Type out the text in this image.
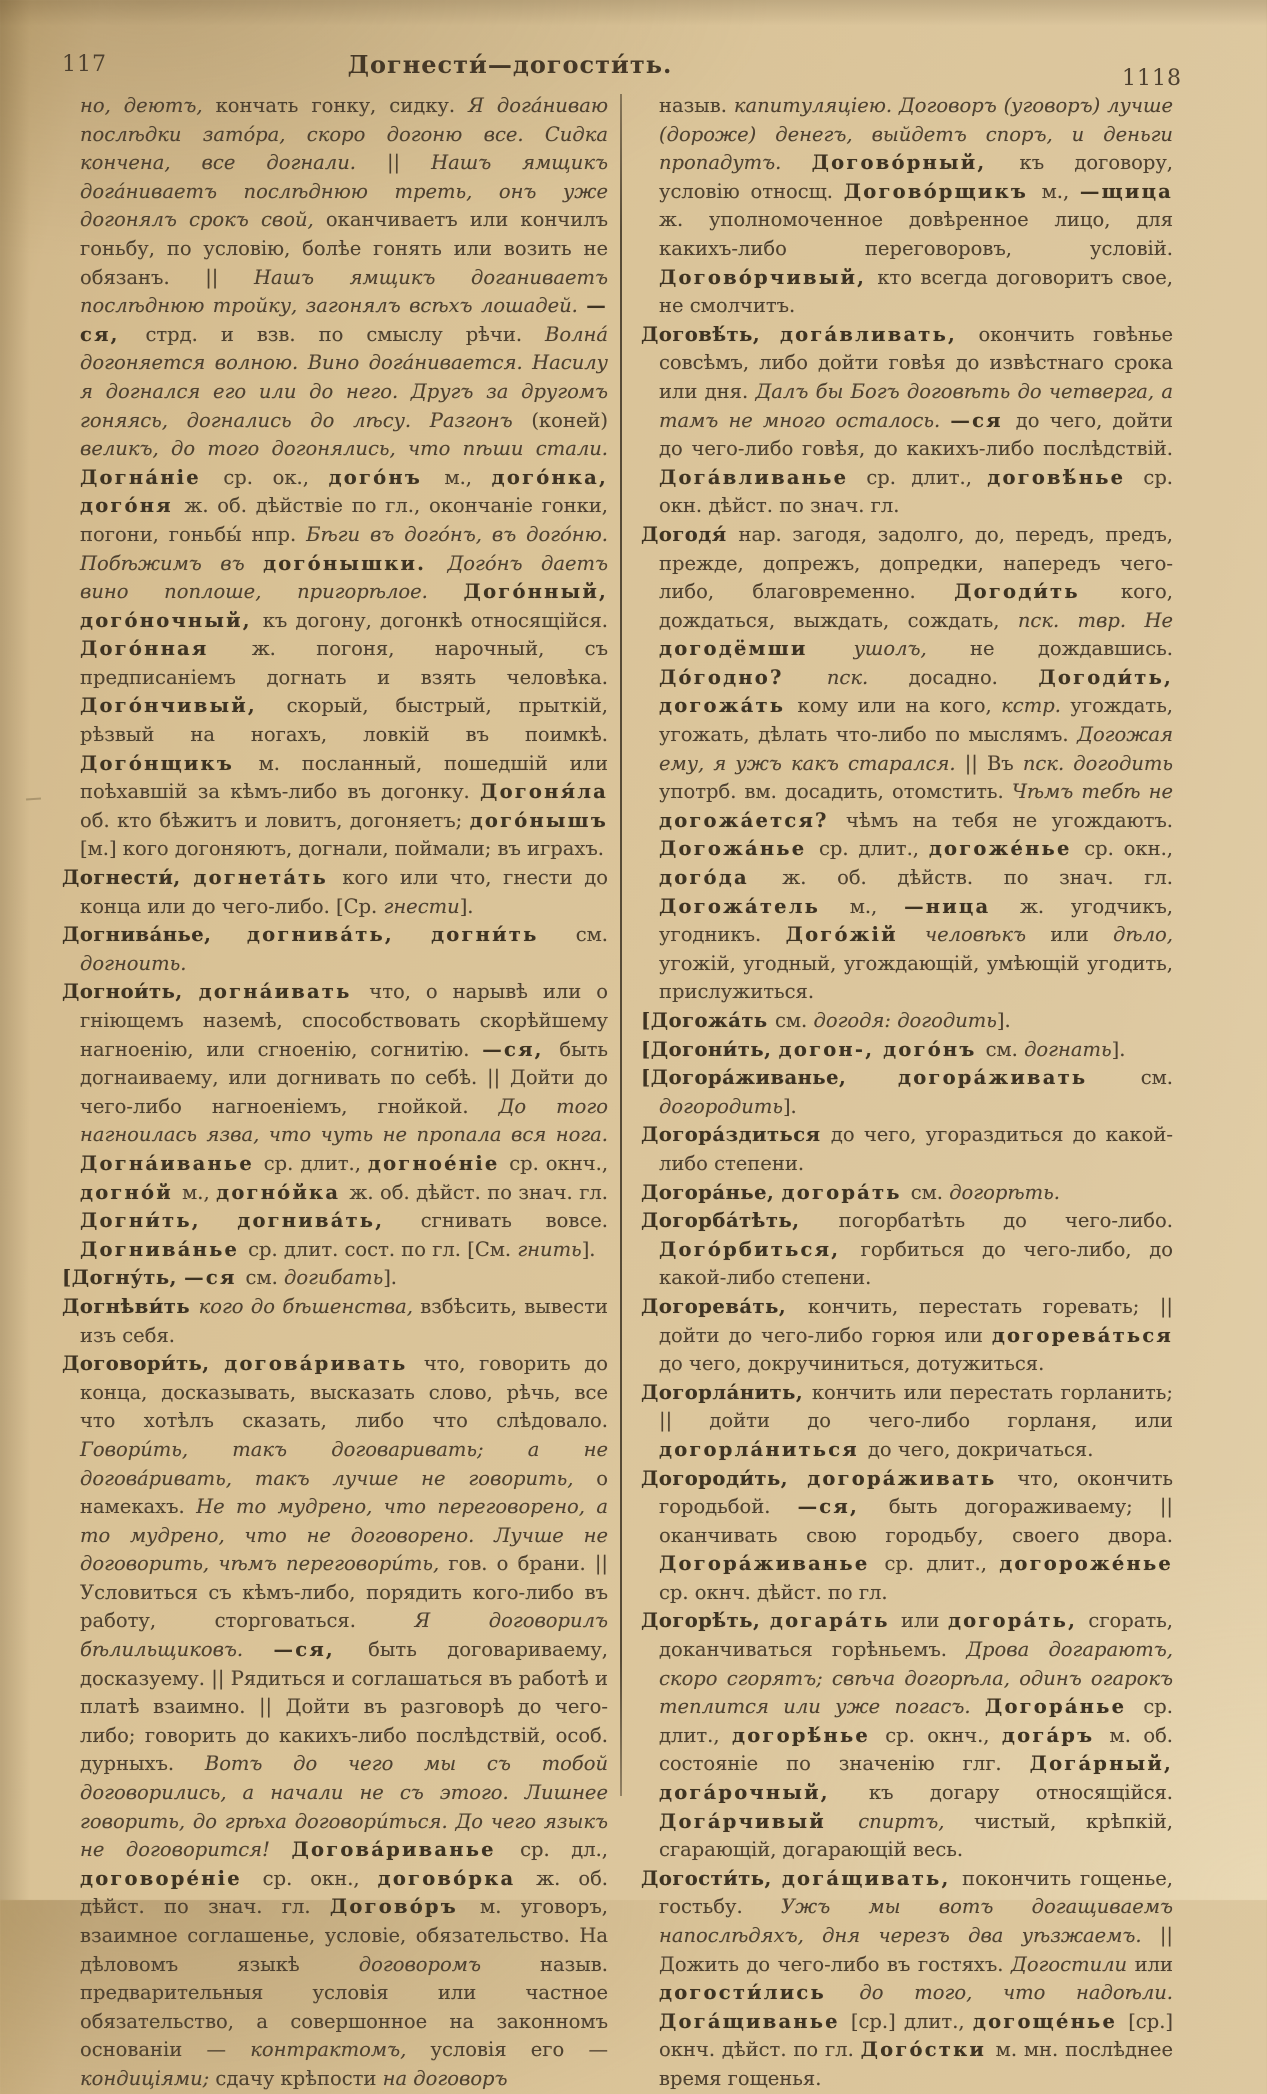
117	Догнести́—догости́ть.	1118

но, деютъ, кончать гонку, сидку. Я дога́ниваю послѣдки зато́ра, скоро догоню все. Сидка кончена, все догнали. || Нашъ ямщикъ дога́ниваетъ послѣднюю треть, онъ уже догонялъ срокъ свой, оканчиваетъ или кончилъ гоньбу, по условію, болѣе гонять или возить не обязанъ. || Нашъ ямщикъ доганиваетъ послѣднюю тройку, загонялъ всѣхъ лошадей. —ся, стрд. и взв. по смыслу рѣчи. Волна́ догоняется волною. Вино дога́нивается. Насилу я догнался его или до него. Другъ за другомъ гоняясь, догнались до лѣсу. Разгонъ (коней) великъ, до того догонялись, что пѣши стали. Догна́ніе ср. ок., дого́нъ м., дого́нка, дого́ня ж. об. дѣйствіе по гл., окончаніе гонки, погони, гоньбы́ нпр. Бѣги въ дого́нъ, въ дого́ню. Побѣжимъ въ дого́нышки. Дого́нъ даетъ вино поплоше, пригорѣлое. Дого́нный, дого́ночный, къ догону, догонкѣ относящійся. Дого́нная ж. погоня, нарочный, съ предписаніемъ догнать и взять человѣка. Дого́нчивый, скорый, быстрый, прыткій, рѣзвый на ногахъ, ловкій въ поимкѣ. Дого́нщикъ м. посланный, пошедшій или поѣхавшій за кѣмъ-либо въ догонку. Догоня́ла об. кто бѣжитъ и ловитъ, догоняетъ; дого́нышъ [м.] кого догоняютъ, догнали, поймали; въ играхъ.

Догнести́, догнета́ть кого или что, гнести до конца или до чего-либо. [Ср. гнести].

Догнива́нье, догнива́ть, догни́ть см. догноить.

Догнои́ть, догна́ивать что, о нарывѣ или о гніющемъ наземѣ, способствовать скорѣйшему нагноенію, или сгноенію, согнитію. —ся, быть догнаиваему, или догнивать по себѣ. || Дойти до чего-либо нагноеніемъ, гнойкой. До того нагноилась язва, что чуть не пропала вся нога. Догна́иванье ср. длит., догное́ніе ср. окнч., догно́й м., догно́йка ж. об. дѣйст. по знач. гл. Догни́ть, догнива́ть, сгнивать вовсе. Догнива́нье ср. длит. сост. по гл. [См. гнить].

[Догну́ть, —ся см. догибать].

Догнѣви́ть кого до бѣшенства, взбѣсить, вывести изъ себя.

Договори́ть, догова́ривать что, говорить до конца, досказывать, высказать слово, рѣчь, все что хотѣлъ сказать, либо что слѣдовало. Говори́ть, такъ договаривать; а не догова́ривать, такъ лучше не говорить, о намекахъ. Не то мудрено, что переговорено, а то мудрено, что не договорено. Лучше не договорить, чѣмъ переговори́ть, гов. о брани. || Условиться съ кѣмъ-либо, порядить кого-либо въ работу, сторговаться. Я договорилъ бѣлильщиковъ. —ся, быть договариваему, досказуему. || Рядиться и соглашаться въ работѣ и платѣ взаимно. || Дойти въ разговорѣ до чего-либо; говорить до какихъ-либо послѣдствій, особ. дурныхъ. Вотъ до чего мы съ тобой договорились, а начали не съ этого. Лишнее говорить, до грѣха договори́ться. До чего языкъ не договорится! Догова́риванье ср. дл., договоре́ніе ср. окн., догово́рка ж. об. дѣйст. по знач. гл. Догово́ръ м. уговоръ, взаимное соглашенье, условіе, обязательство. На дѣловомъ языкѣ договоромъ назыв. предварительныя условія или частное обязательство, а совершонное на законномъ основаніи — контрактомъ, условія его — кондиціями; сдачу крѣпости на договоръ

назыв. капитуляціею. Договоръ (уговоръ) лучше (дороже) денегъ, выйдетъ споръ, и деньги пропадутъ. Догово́рный, къ договору, условію относщ. Догово́рщикъ м., —щица ж. уполномоченное довѣренное лицо, для какихъ-либо переговоровъ, условій. Догово́рчивый, кто всегда договоритъ свое, не смолчитъ.

Договѣ́ть, дога́вливать, окончить говѣнье совсѣмъ, либо дойти говѣя до извѣстнаго срока или дня. Далъ бы Богъ договѣть до четверга, а тамъ не много осталось. —ся до чего, дойти до чего-либо говѣя, до какихъ-либо послѣдствій. Дога́вливанье ср. длит., договѣ́нье ср. окн. дѣйст. по знач. гл.

Догодя́ нар. загодя, задолго, до, передъ, предъ, прежде, допрежъ, допредки, напередъ чего-либо, благовременно. Догоди́ть кого, дождаться, выждать, сождать, пск. твр. Не догодёмши ушолъ, не дождавшись. До́годно? пск. досадно. Догоди́ть, догожа́ть кому или на кого, кстр. угождать, угожать, дѣлать что-либо по мыслямъ. Догожая ему, я ужъ какъ старался. || Въ пск. догодить употрб. вм. досадить, отомстить. Чѣмъ тебѣ не догожа́ется? чѣмъ на тебя не угождаютъ. Догожа́нье ср. длит., догоже́нье ср. окн., дого́да ж. об. дѣйств. по знач. гл. Догожа́тель м., —ница ж. угодчикъ, угодникъ. Дого́жій человѣкъ или дѣло, угожій, угодный, угождающій, умѣющій угодить, прислужиться.

[Догожа́ть см. догодя: догодить].

[Догони́ть, догон-, дого́нъ см. догнать].

[Догора́живанье, догора́живать см. догородить].

Догора́здиться до чего, угораздиться до какой-либо степени.

Догора́нье, догора́ть см. догорѣть.

Догорба́тѣть, погорбатѣть до чего-либо. Дого́рбиться, горбиться до чего-либо, до какой-либо степени.

Догорева́ть, кончить, перестать горевать; || дойти до чего-либо горюя или догорева́ться до чего, докручиниться, дотужиться.

Догорла́нить, кончить или перестать горланить; || дойти до чего-либо горланя, или догорла́ниться до чего, докричаться.

Догороди́ть, догора́живать что, окончить городьбой. —ся, быть догораживаему; || оканчивать свою городьбу, своего двора. Догора́живанье ср. длит., догороже́нье ср. окнч. дѣйст. по гл.

Догорѣ́ть, догара́ть или догора́ть, сгорать, доканчиваться горѣньемъ. Дрова догараютъ, скоро сгорятъ; свѣча догорѣла, одинъ огарокъ теплится или уже погасъ. Догора́нье ср. длит., догорѣ́нье ср. окнч., дога́ръ м. об. состояніе по значенію глг. Дога́рный, дога́рочный, къ догару относящійся. Дога́рчивый спиртъ, чистый, крѣпкій, сгарающій, догарающій весь.

Догости́ть, дога́щивать, покончить гощенье, гостьбу. Ужъ мы вотъ догащиваемъ напослѣдяхъ, дня черезъ два уѣзжаемъ. || Дожить до чего-либо въ гостяхъ. Догостили или догости́лись до того, что надоѣли. Дога́щиванье [ср.] длит., догоще́нье [ср.] окнч. дѣйст. по гл. Дого́стки м. мн. послѣднее время гощенья.
